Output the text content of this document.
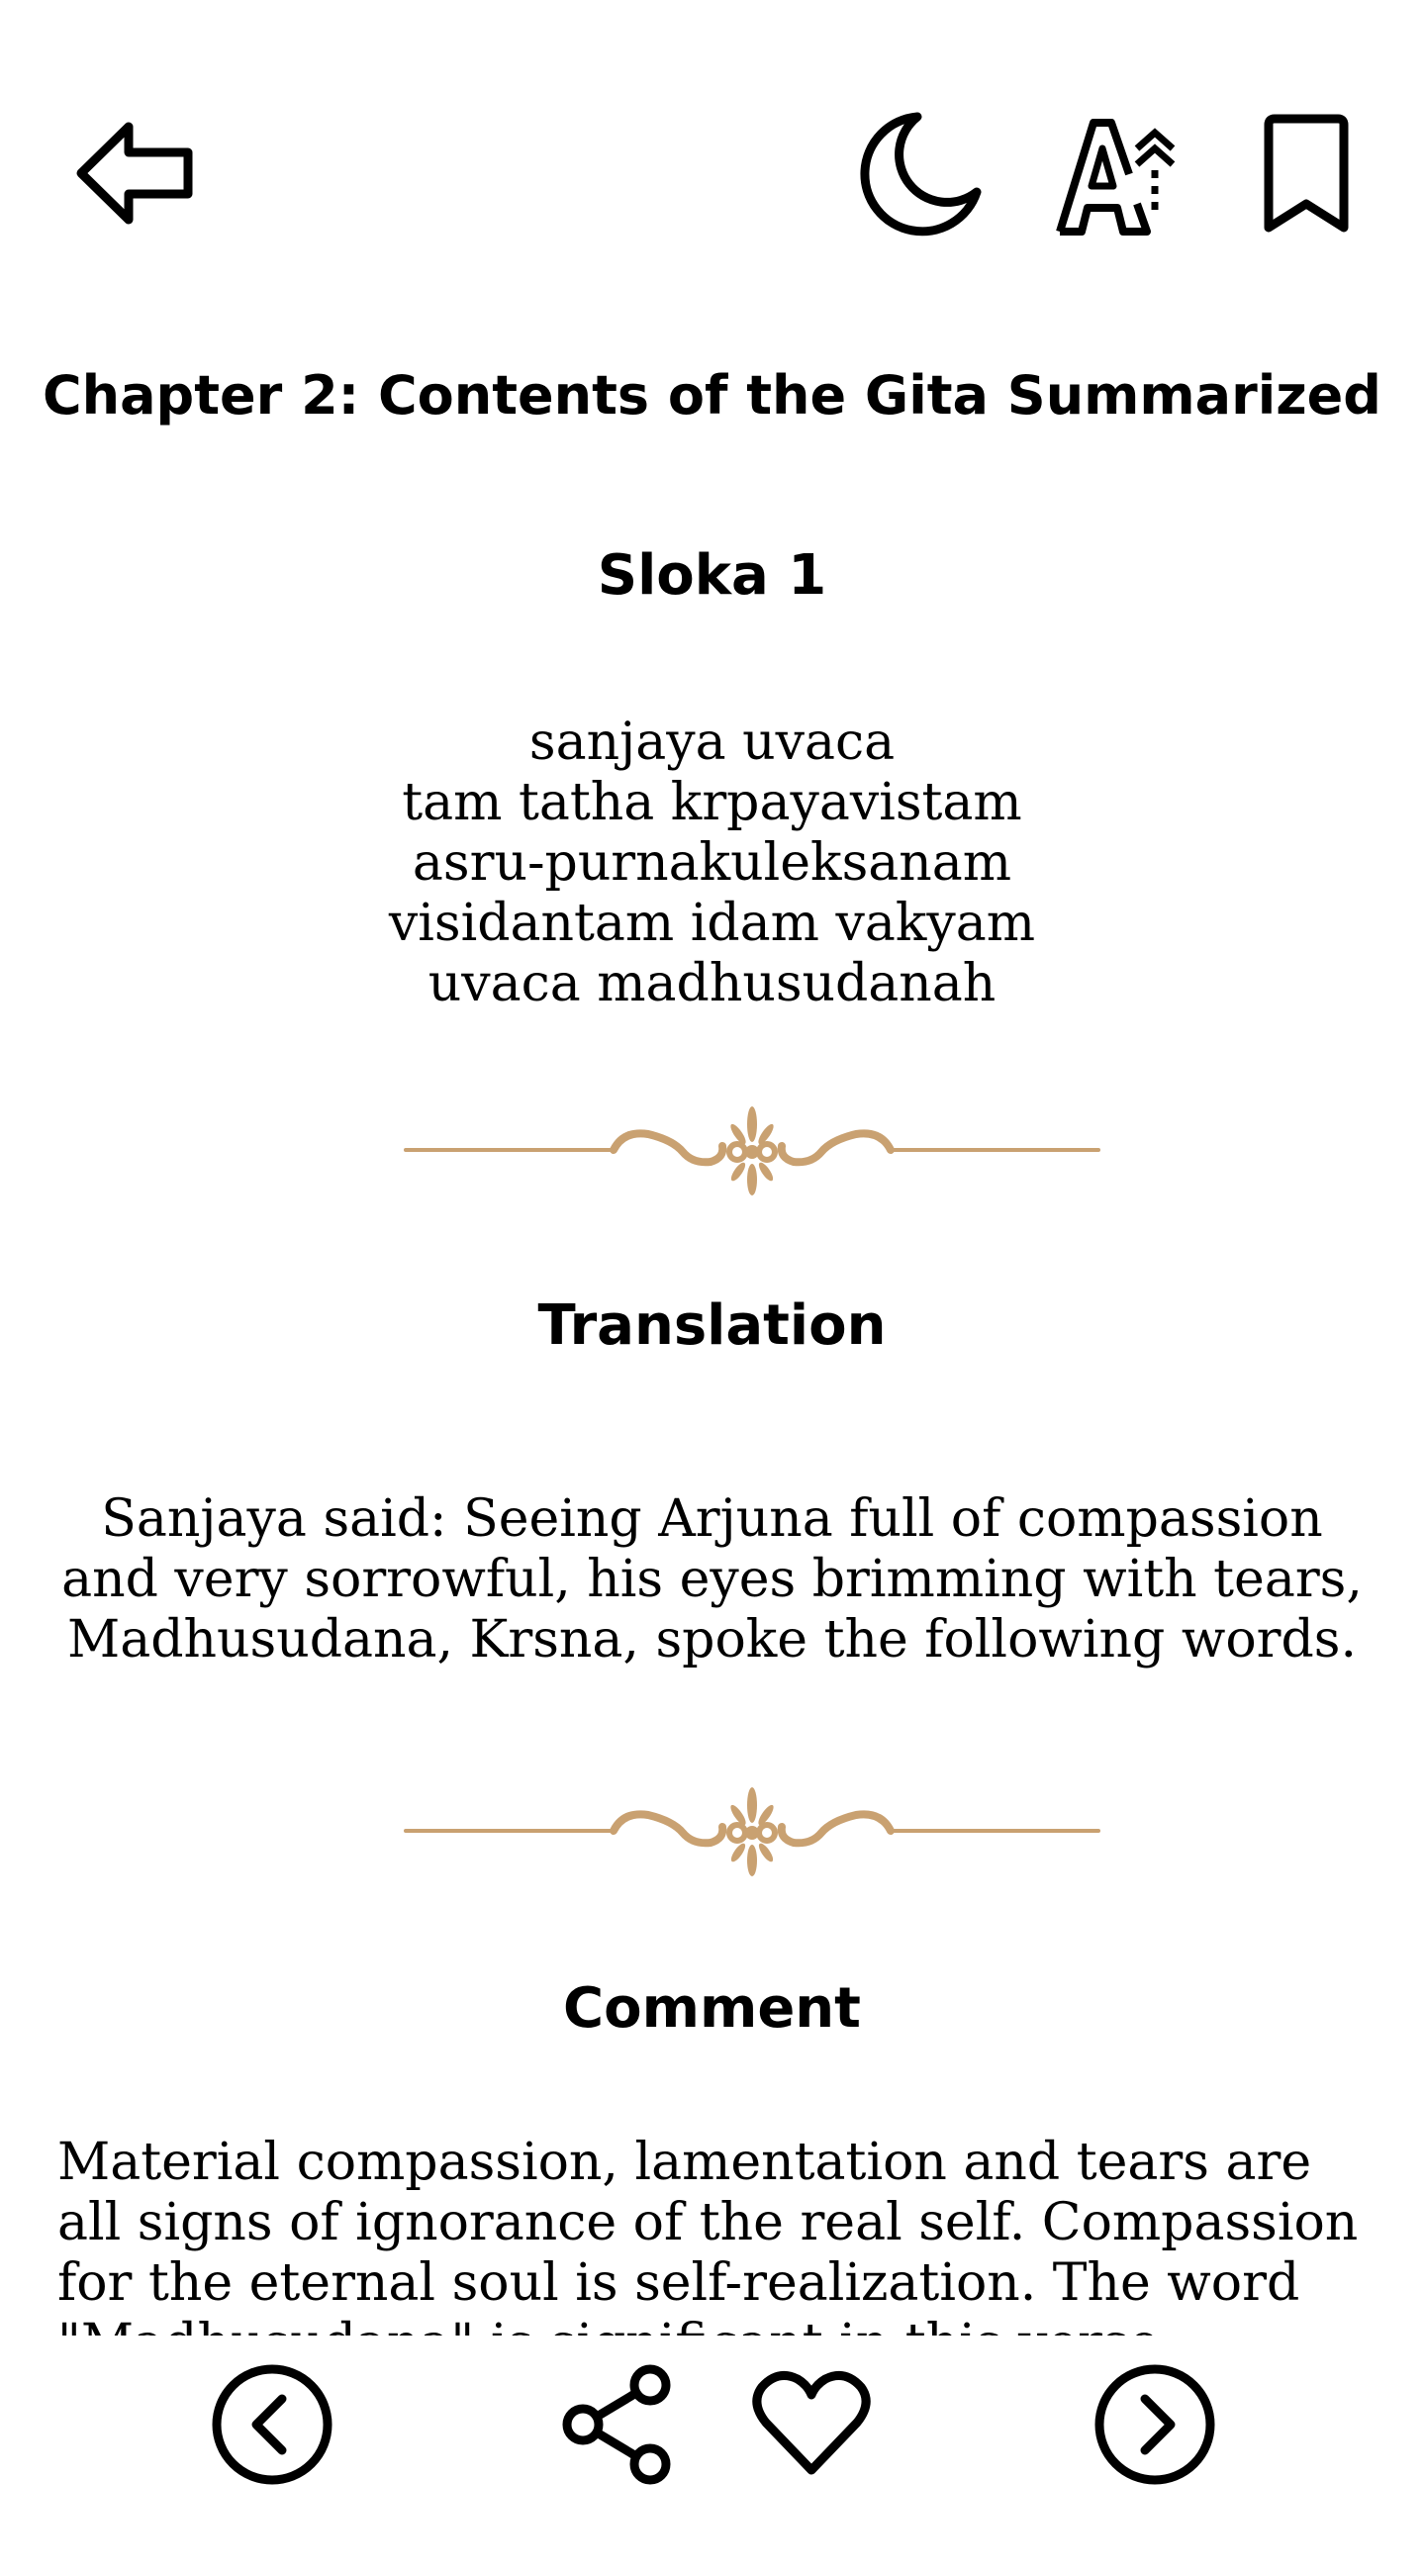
Chapter 2: Contents of the Gita Summarized
Sloka 1
sanjaya uvaca
tam tatha krpayavistam
asru-purnakuleksanam
visidantam idam vakyam
uvaca madhusudanah
Translation
Sanjaya said: Seeing Arjuna full of compassion
and very sorrowful, his eyes brimming with tears,
Madhusudana, Krsna, spoke the following words.
Comment
Material compassion, lamentation and tears are
all signs of ignorance of the real self. Compassion
for the eternal soul is self-realization. The word
